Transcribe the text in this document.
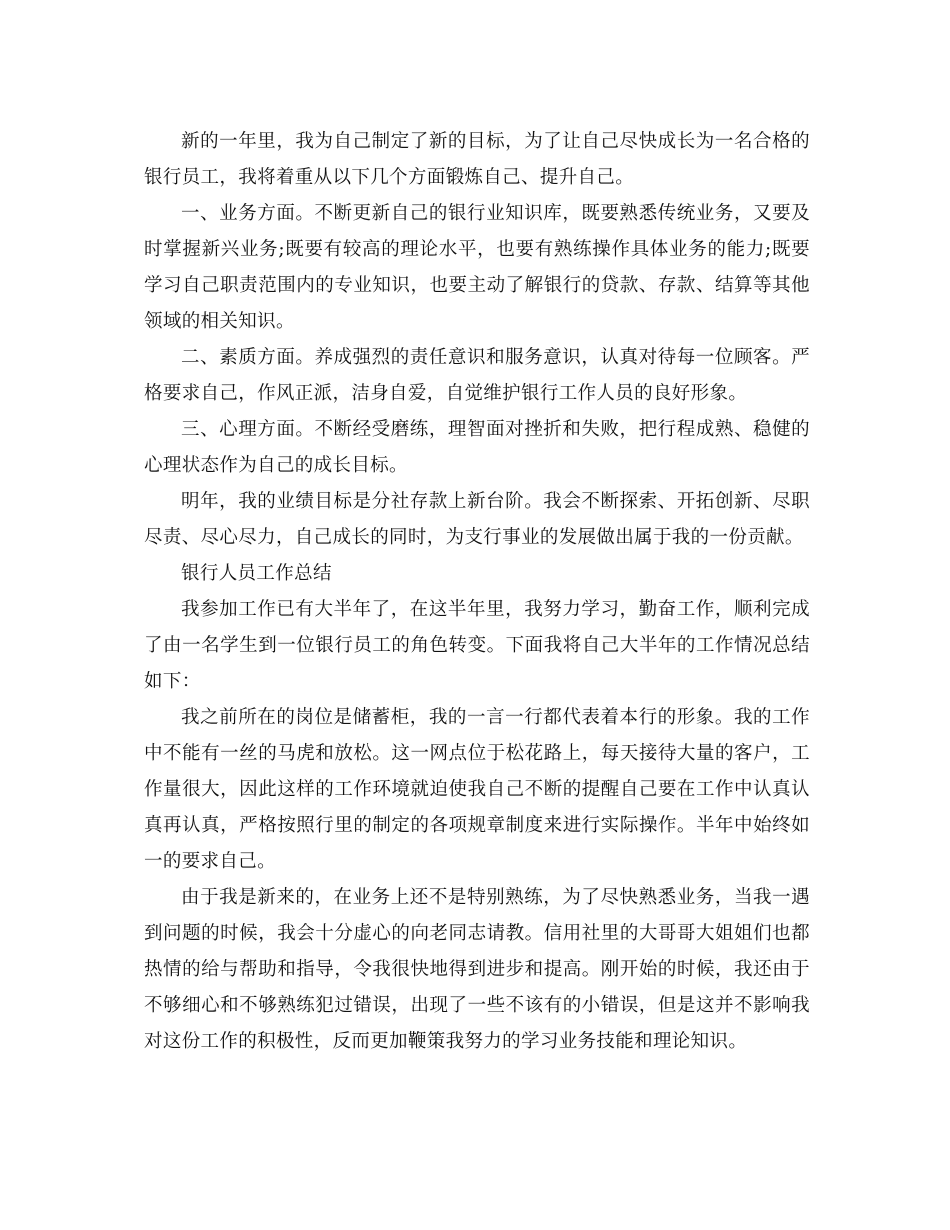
新的一年里，我为自己制定了新的目标，为了让自己尽快成长为一名合格的银行员工，我将着重从以下几个方面锻炼自己、提升自己。

一、业务方面。不断更新自己的银行业知识库，既要熟悉传统业务，又要及时掌握新兴业务;既要有较高的理论水平，也要有熟练操作具体业务的能力;既要学习自己职责范围内的专业知识，也要主动了解银行的贷款、存款、结算等其他领域的相关知识。

二、素质方面。养成强烈的责任意识和服务意识，认真对待每一位顾客。严格要求自己，作风正派，洁身自爱，自觉维护银行工作人员的良好形象。

三、心理方面。不断经受磨练，理智面对挫折和失败，把行程成熟、稳健的心理状态作为自己的成长目标。

明年，我的业绩目标是分社存款上新台阶。我会不断探索、开拓创新、尽职尽责、尽心尽力，自己成长的同时，为支行事业的发展做出属于我的一份贡献。

银行人员工作总结

我参加工作已有大半年了，在这半年里，我努力学习，勤奋工作，顺利完成了由一名学生到一位银行员工的角色转变。下面我将自己大半年的工作情况总结如下：

我之前所在的岗位是储蓄柜，我的一言一行都代表着本行的形象。我的工作中不能有一丝的马虎和放松。这一网点位于松花路上，每天接待大量的客户，工作量很大，因此这样的工作环境就迫使我自己不断的提醒自己要在工作中认真认真再认真，严格按照行里的制定的各项规章制度来进行实际操作。半年中始终如一的要求自己。

由于我是新来的，在业务上还不是特别熟练，为了尽快熟悉业务，当我一遇到问题的时候，我会十分虚心的向老同志请教。信用社里的大哥哥大姐姐们也都热情的给与帮助和指导，令我很快地得到进步和提高。刚开始的时候，我还由于不够细心和不够熟练犯过错误，出现了一些不该有的小错误，但是这并不影响我对这份工作的积极性，反而更加鞭策我努力的学习业务技能和理论知识。
